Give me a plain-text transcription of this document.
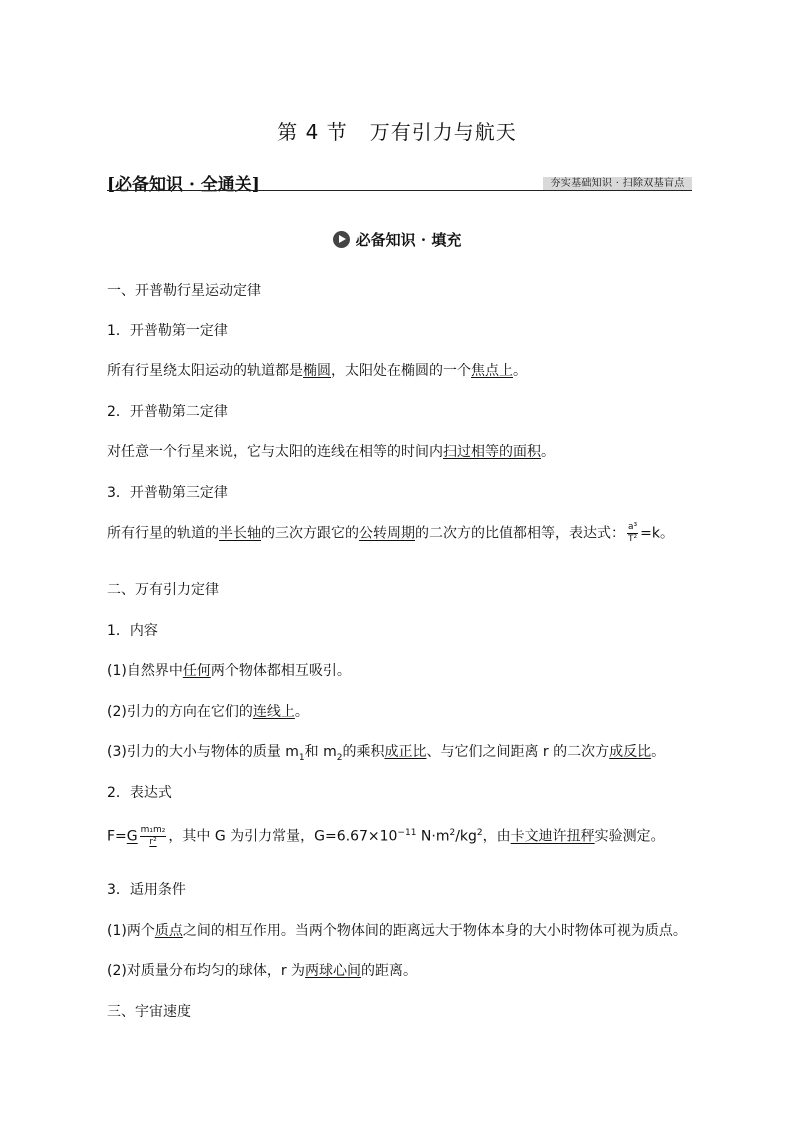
第 4 节 万有引力与航天
[必备知识 · 全通关]	夯实基础知识 · 扫除双基盲点
必备知识 · 填充
一、开普勒行星运动定律
1．开普勒第一定律
所有行星绕太阳运动的轨道都是椭圆，太阳处在椭圆的一个焦点上。
2．开普勒第二定律
对任意一个行星来说，它与太阳的连线在相等的时间内扫过相等的面积。
3．开普勒第三定律
所有行星的轨道的半长轴的三次方跟它的公转周期的二次方的比值都相等，表达式： $\frac{\text{a³}}{\text{T²}} =k$。
二、万有引力定律
1．内容
(1)自然界中任何两个物体都相互吸引。
(2)引力的方向在它们的连线上。
(3)引力的大小与物体的质量 $m_1$和 $m_2$的乘积成正比、与它们之间距离 r 的二次方成反比。
2．表达式
$F=G \frac{\text{m₁m₂}}{\text{r²}}$ ，其中 G 为引力常量，$G=6.67\times 10^{-11}$ $N\cdot m^2/kg^2$，由卡文迪许扭秤实验测定。
3．适用条件
(1)两个质点之间的相互作用。当两个物体间的距离远大于物体本身的大小时物体可视为质点。
(2)对质量分布均匀的球体，r 为两球心间的距离。
三、宇宙速度
